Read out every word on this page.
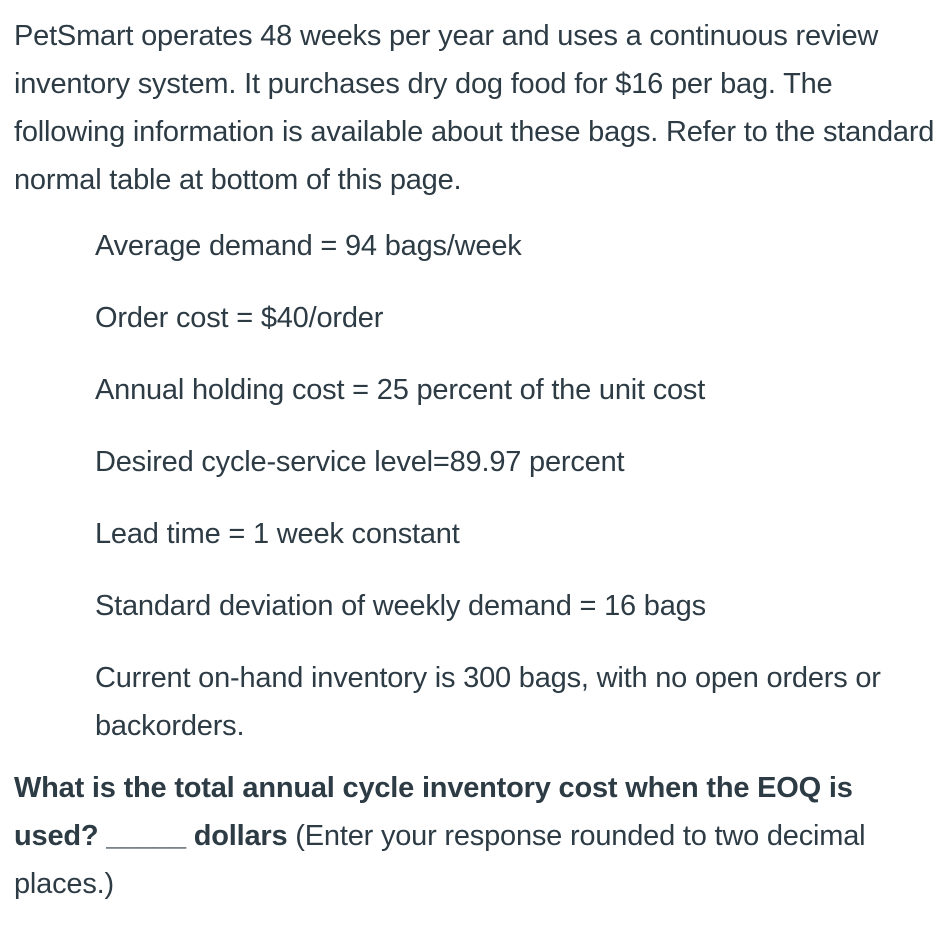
PetSmart operates 48 weeks per year and uses a continuous review inventory system. It purchases dry dog food for $16 per bag. The following information is available about these bags. Refer to the standard normal table at bottom of this page.

Average demand = 94 bags/week
Order cost = $40/order
Annual holding cost = 25 percent of the unit cost
Desired cycle-service level=89.97 percent
Lead time = 1 week constant
Standard deviation of weekly demand = 16 bags
Current on-hand inventory is 300 bags, with no open orders or backorders.

What is the total annual cycle inventory cost when the EOQ is used? _____ dollars (Enter your response rounded to two decimal places.)
